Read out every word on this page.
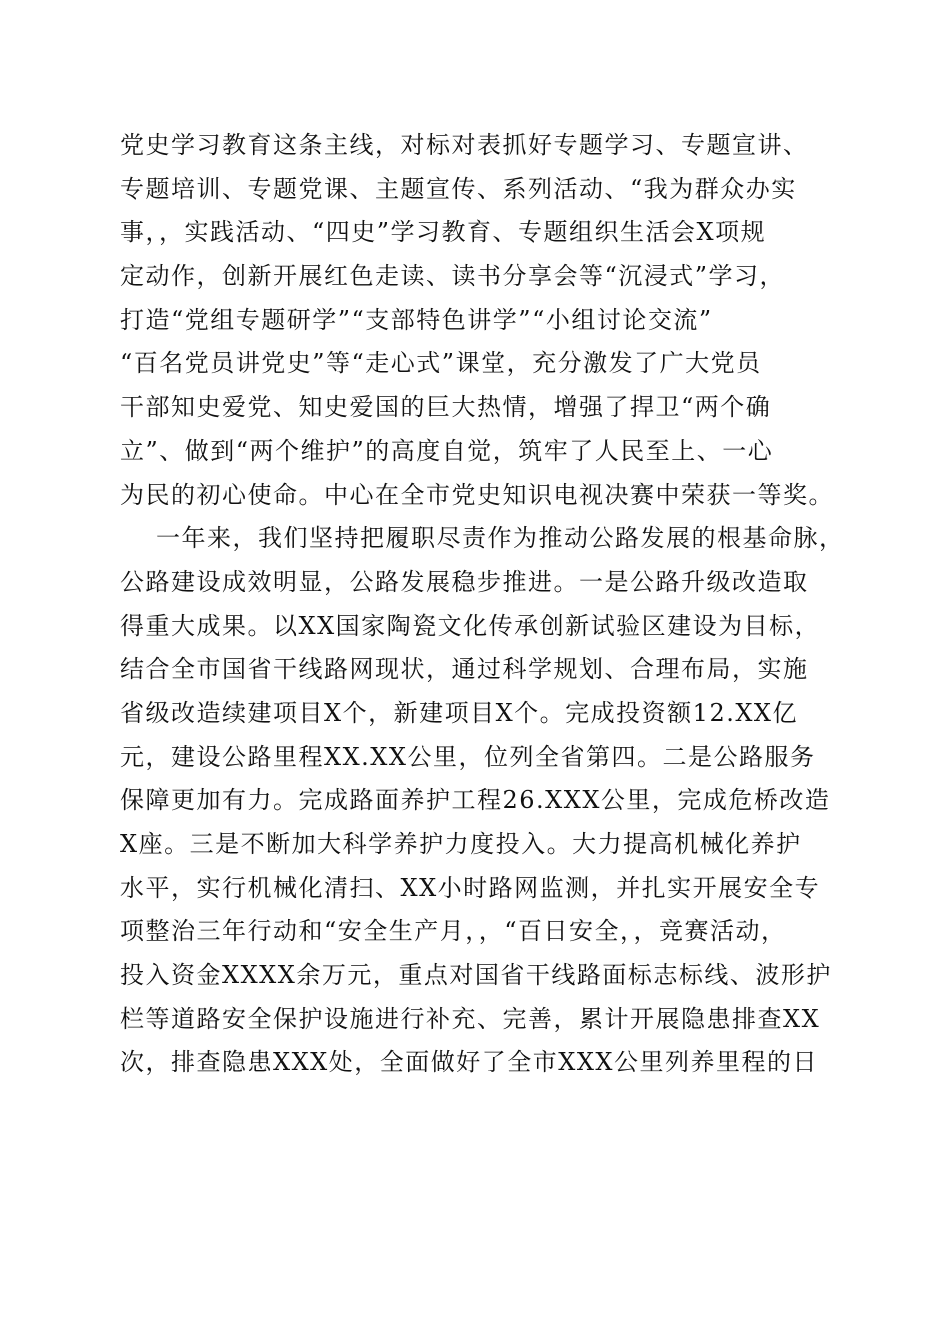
党史学习教育这条主线，对标对表抓好专题学习、专题宣讲、
专题培训、专题党课、主题宣传、系列活动、“我为群众办实
事，，实践活动、“四史”学习教育、专题组织生活会X项规
定动作，创新开展红色走读、读书分享会等“沉浸式”学习，
打造“党组专题研学”“支部特色讲学”“小组讨论交流”
“百名党员讲党史”等“走心式”课堂，充分激发了广大党员
干部知史爱党、知史爱国的巨大热情，增强了捍卫“两个确
立”、做到“两个维护”的高度自觉，筑牢了人民至上、一心
为民的初心使命。中心在全市党史知识电视决赛中荣获一等奖。
一年来，我们坚持把履职尽责作为推动公路发展的根基命脉，
公路建设成效明显，公路发展稳步推进。一是公路升级改造取
得重大成果。以XX国家陶瓷文化传承创新试验区建设为目标，
结合全市国省干线路网现状，通过科学规划、合理布局，实施
省级改造续建项目X个，新建项目X个。完成投资额12.XX亿
元，建设公路里程XX.XX公里，位列全省第四。二是公路服务
保障更加有力。完成路面养护工程26.XXX公里，完成危桥改造
X座。三是不断加大科学养护力度投入。大力提高机械化养护
水平，实行机械化清扫、XX小时路网监测，并扎实开展安全专
项整治三年行动和“安全生产月，，“百日安全，，竞赛活动，
投入资金XXXX余万元，重点对国省干线路面标志标线、波形护
栏等道路安全保护设施进行补充、完善，累计开展隐患排查XX
次，排查隐患XXX处，全面做好了全市XXX公里列养里程的日
